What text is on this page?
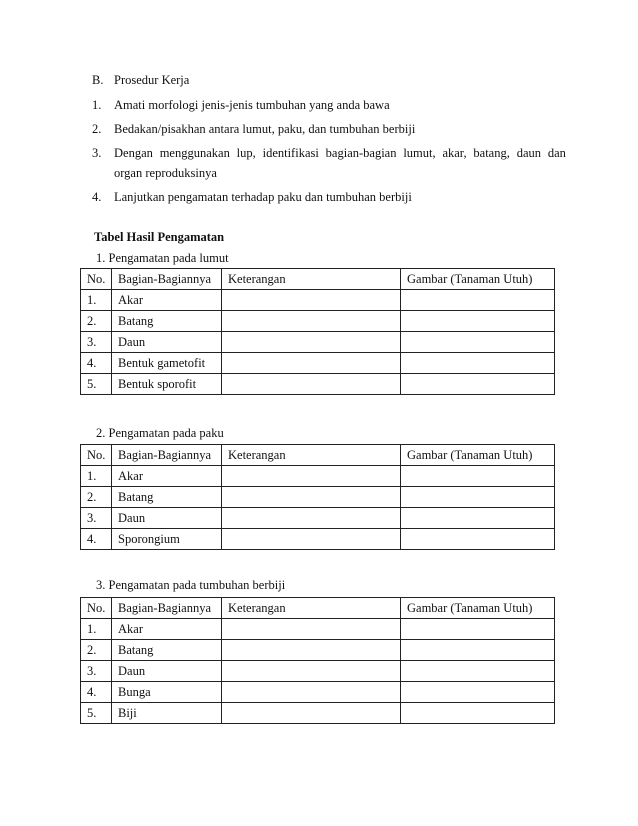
B. Prosedur Kerja
1. Amati morfologi jenis-jenis tumbuhan yang anda bawa
2. Bedakan/pisakhan antara lumut, paku, dan tumbuhan berbiji
3.	Dengan menggunakan lup, identifikasi bagian-bagian lumut, akar, batang, daun dan
organ reproduksinya
4. Lanjutkan pengamatan terhadap paku dan tumbuhan berbiji
Tabel Hasil Pengamatan
1. Pengamatan pada lumut
No.	Bagian-Bagiannya	Keterangan	Gambar (Tanaman Utuh)
1.	Akar		
2.	Batang		
3.	Daun		
4.	Bentuk gametofit		
5.	Bentuk sporofit		
2. Pengamatan pada paku
No.	Bagian-Bagiannya	Keterangan	Gambar (Tanaman Utuh)
1.	Akar		
2.	Batang		
3.	Daun		
4.	Sporongium		
3. Pengamatan pada tumbuhan berbiji
No.	Bagian-Bagiannya	Keterangan	Gambar (Tanaman Utuh)
1.	Akar		
2.	Batang		
3.	Daun		
4.	Bunga		
5.	Biji		
